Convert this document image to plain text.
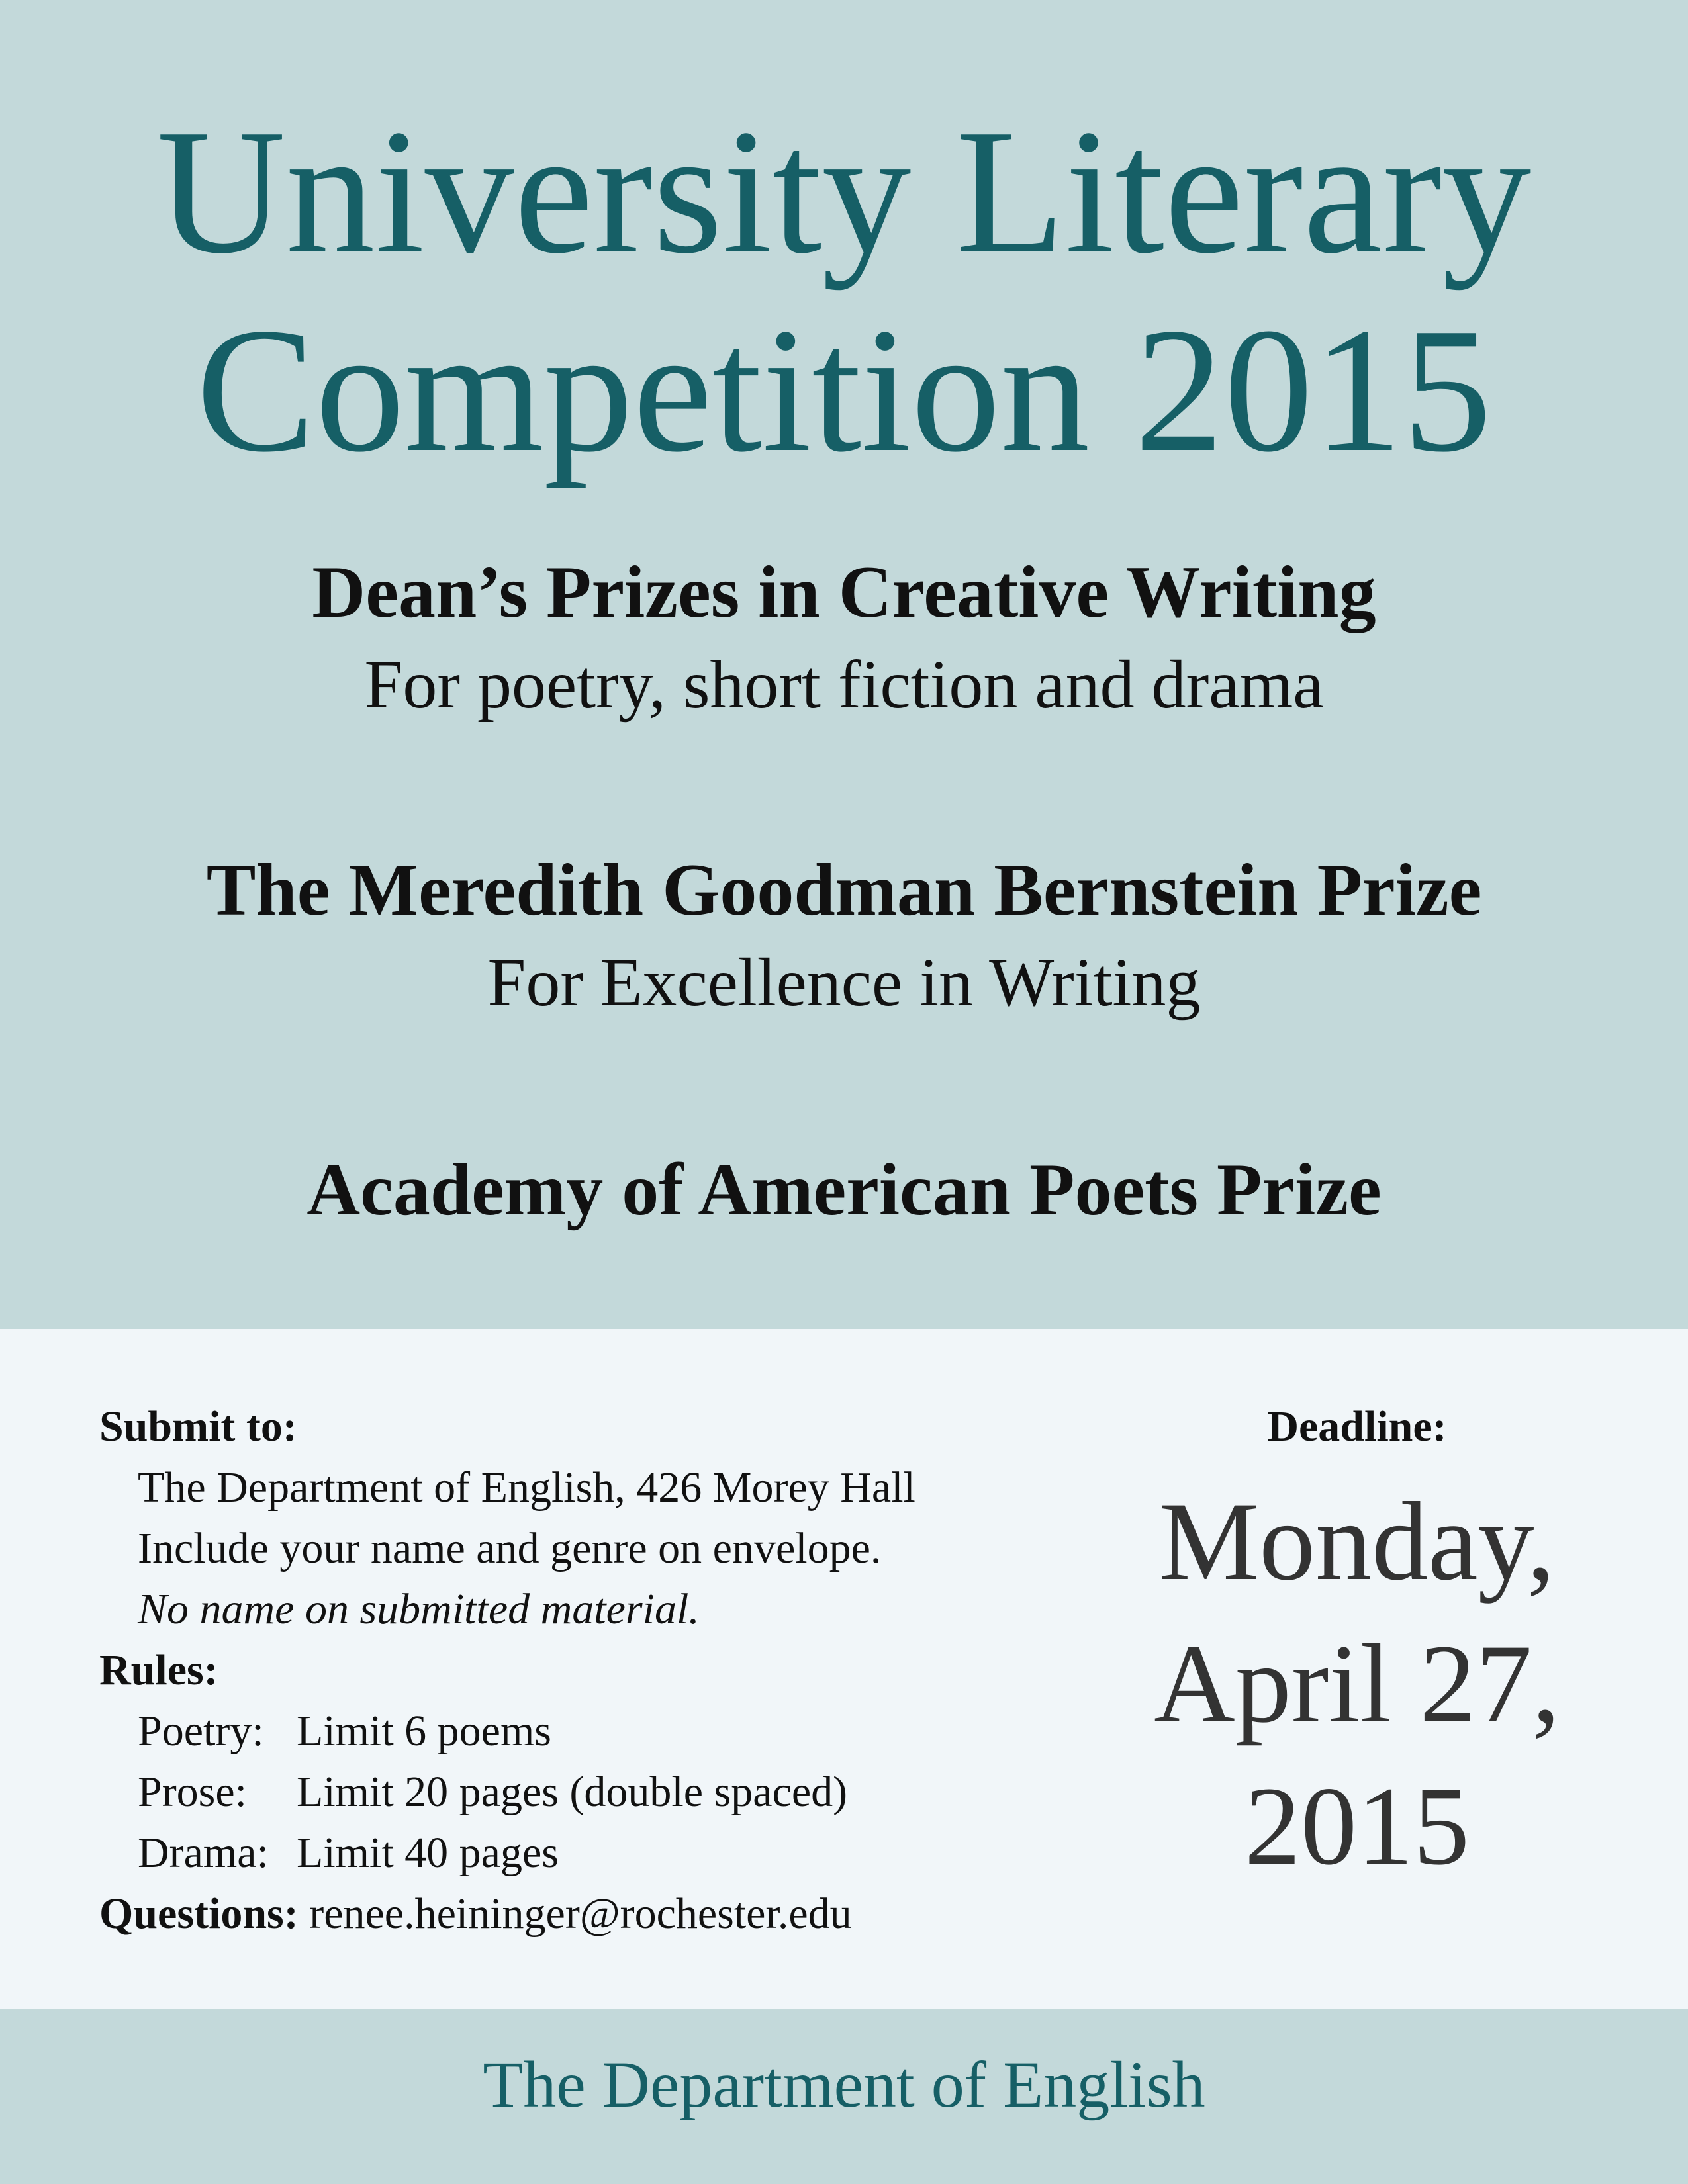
University Literary
Competition 2015
Dean’s Prizes in Creative Writing
For poetry, short fiction and drama
The Meredith Goodman Bernstein Prize
For Excellence in Writing
Academy of American Poets Prize
Submit to:
The Department of English, 426 Morey Hall
Include your name and genre on envelope.
No name on submitted material.
Rules:
Poetry: Limit 6 poems
Prose: Limit 20 pages (double spaced)
Drama: Limit 40 pages
Questions: renee.heininger@rochester.edu
Deadline:
Monday,
April 27,
2015
The Department of English
